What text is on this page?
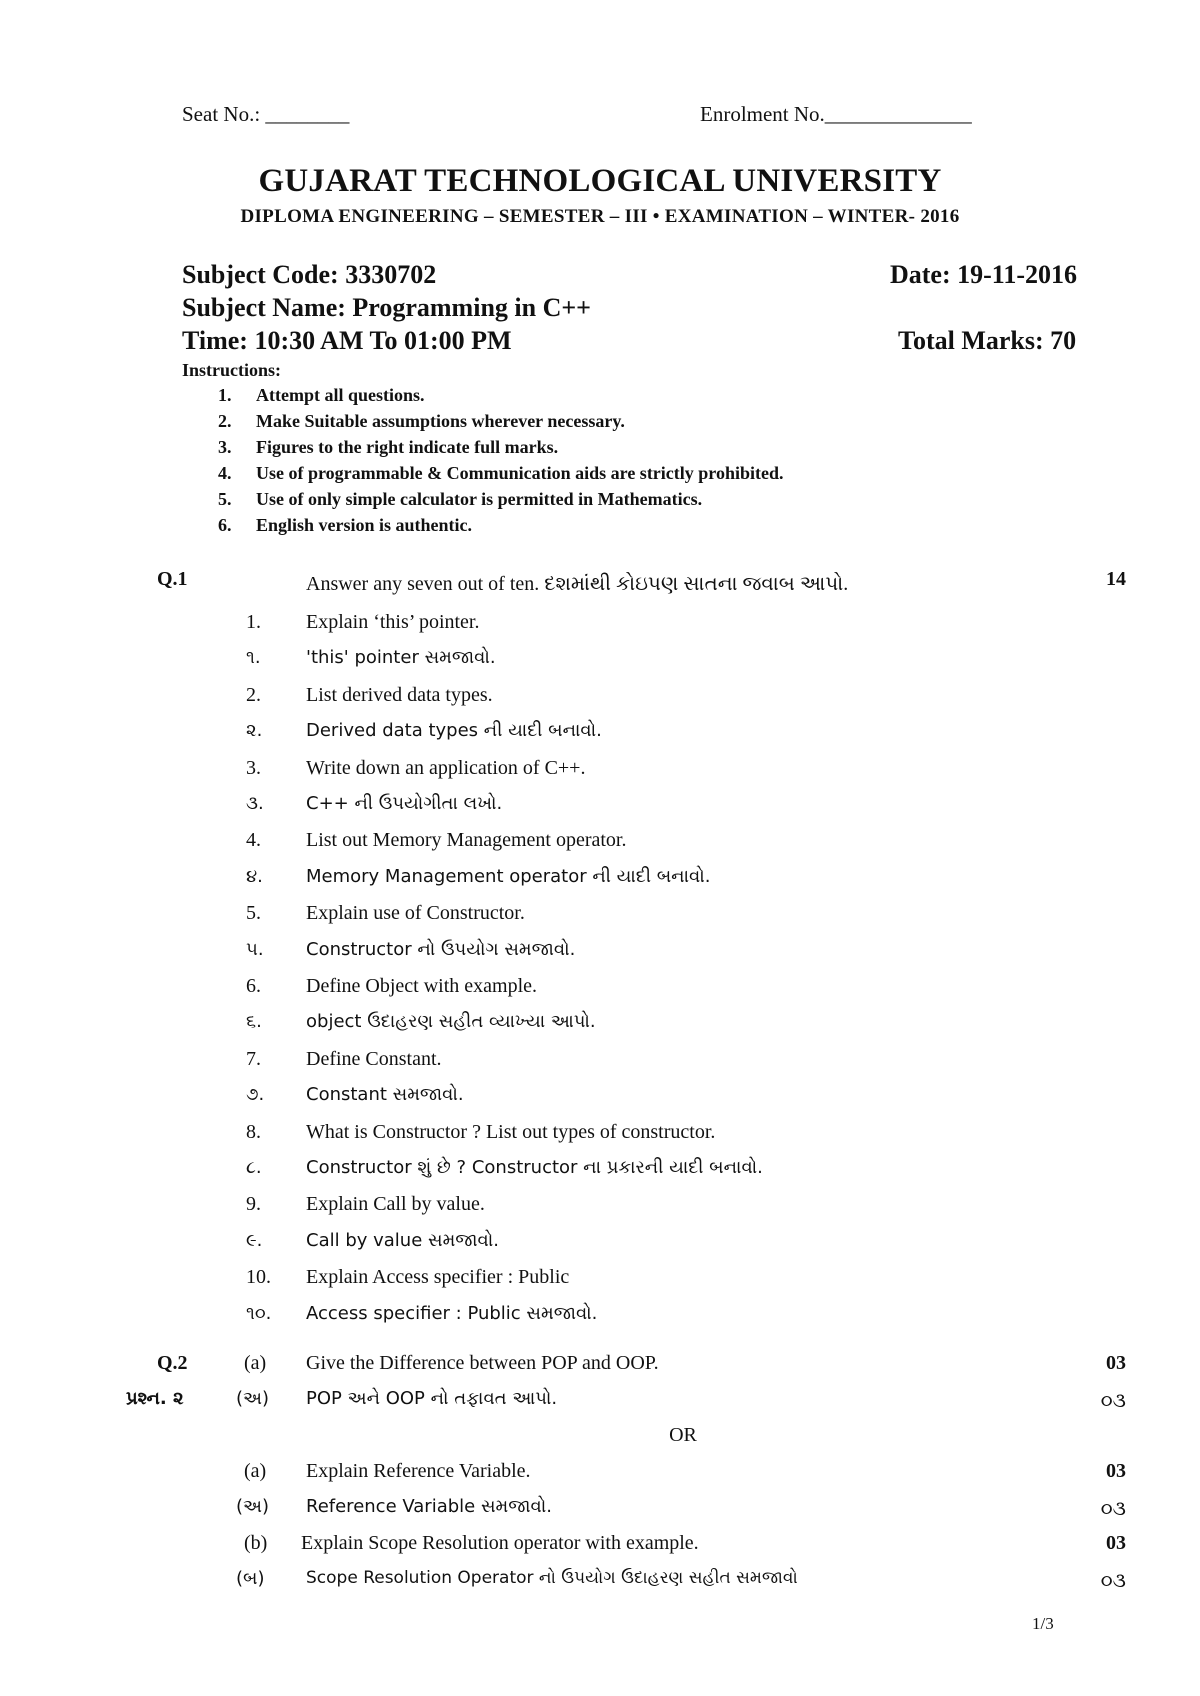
Seat No.: ________	Enrolment No.______________
GUJARAT TECHNOLOGICAL UNIVERSITY
DIPLOMA ENGINEERING – SEMESTER – III • EXAMINATION – WINTER- 2016
Subject Code: 3330702	Date: 19-11-2016
Subject Name: Programming in C++
Time: 10:30 AM To 01:00 PM	Total Marks: 70
Instructions:
1. Attempt all questions.
2. Make Suitable assumptions wherever necessary.
3. Figures to the right indicate full marks.
4. Use of programmable & Communication aids are strictly prohibited.
5. Use of only simple calculator is permitted in Mathematics.
6. English version is authentic.
Q.1	Answer any seven out of ten. દશમાંથી કોઇપણ સાતના જવાબ આપો.	14
1.	Explain ‘this’ pointer.
૧.	'this' pointer સમજાવો.
2.	List derived data types.
૨.	Derived data types ની યાદી બનાવો.
3.	Write down an application of C++.
૩.	C++ ની ઉપયોગીતા લખો.
4.	List out Memory Management operator.
૪.	Memory Management operator ની યાદી બનાવો.
5.	Explain use of Constructor.
૫.	Constructor નો ઉપયોગ સમજાવો.
6.	Define Object with example.
૬.	object ઉદાહરણ સહીત વ્યાખ્યા આપો.
7.	Define Constant.
૭.	Constant સમજાવો.
8.	What is Constructor ? List out types of constructor.
૮.	Constructor શું છે ? Constructor ના પ્રકારની યાદી બનાવો.
9.	Explain Call by value.
૯.	Call by value સમજાવો.
10.	Explain Access specifier : Public
૧૦.	Access specifier : Public સમજાવો.
Q.2	(a)	Give the Difference between POP and OOP.	03
પ્રશ્ન. ૨	(અ) POP અને OOP નો તફાવત આપો.	૦૩
OR
(a)	Explain Reference Variable.	03
(અ) Reference Variable સમજાવો.	૦૩
(b)	Explain Scope Resolution operator with example.	03
(બ) Scope Resolution Operator નો ઉપયોગ ઉદાહરણ સહીત સમજાવો	૦૩
1/3
